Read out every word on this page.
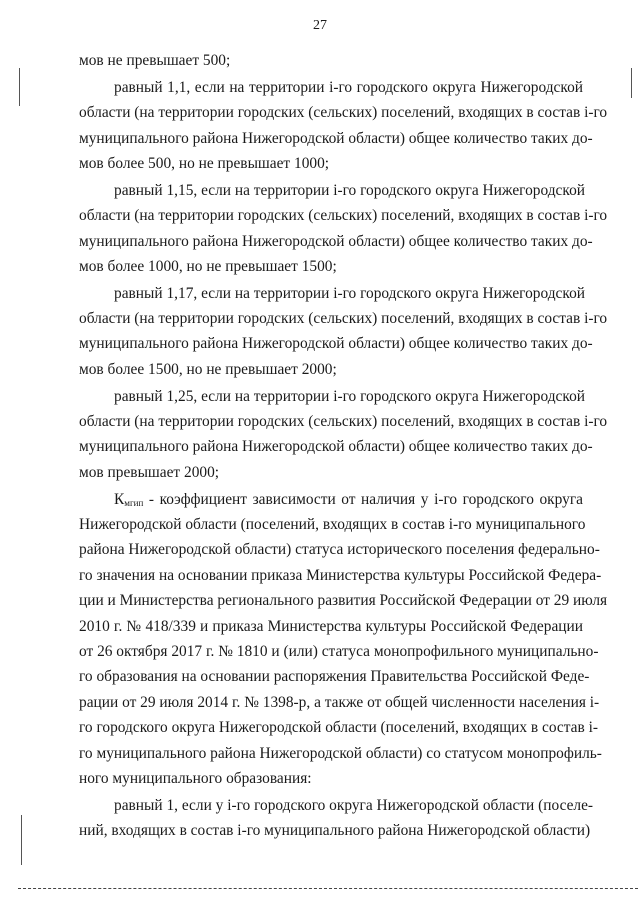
27
мов не превышает 500;
равный 1,1, если на территории i-го городского округа Нижегородской
области (на территории городских (сельских) поселений, входящих в состав i-го
муниципального района Нижегородской области) общее количество таких до-
мов более 500, но не превышает 1000;
равный 1,15, если на территории i-го городского округа Нижегородской
области (на территории городских (сельских) поселений, входящих в состав i-го
муниципального района Нижегородской области) общее количество таких до-
мов более 1000, но не превышает 1500;
равный 1,17, если на территории i-го городского округа Нижегородской
области (на территории городских (сельских) поселений, входящих в состав i-го
муниципального района Нижегородской области) общее количество таких до-
мов более 1500, но не превышает 2000;
равный 1,25, если на территории i-го городского округа Нижегородской
области (на территории городских (сельских) поселений, входящих в состав i-го
муниципального района Нижегородской области) общее количество таких до-
мов превышает 2000;
$К_{мгип}$ - коэффициент зависимости от наличия у i-го городского округа
Нижегородской области (поселений, входящих в состав i-го муниципального
района Нижегородской области) статуса исторического поселения федерально-
го значения на основании приказа Министерства культуры Российской Федера-
ции и Министерства регионального развития Российской Федерации от 29 июля
2010 г. № 418/339 и приказа Министерства культуры Российской Федерации
от 26 октября 2017 г. № 1810 и (или) статуса монопрофильного муниципально-
го образования на основании распоряжения Правительства Российской Феде-
рации от 29 июля 2014 г. № 1398-р, а также от общей численности населения i-
го городского округа Нижегородской области (поселений, входящих в состав i-
го муниципального района Нижегородской области) со статусом монопрофиль-
ного муниципального образования:
равный 1, если у i-го городского округа Нижегородской области (поселе-
ний, входящих в состав i-го муниципального района Нижегородской области)
